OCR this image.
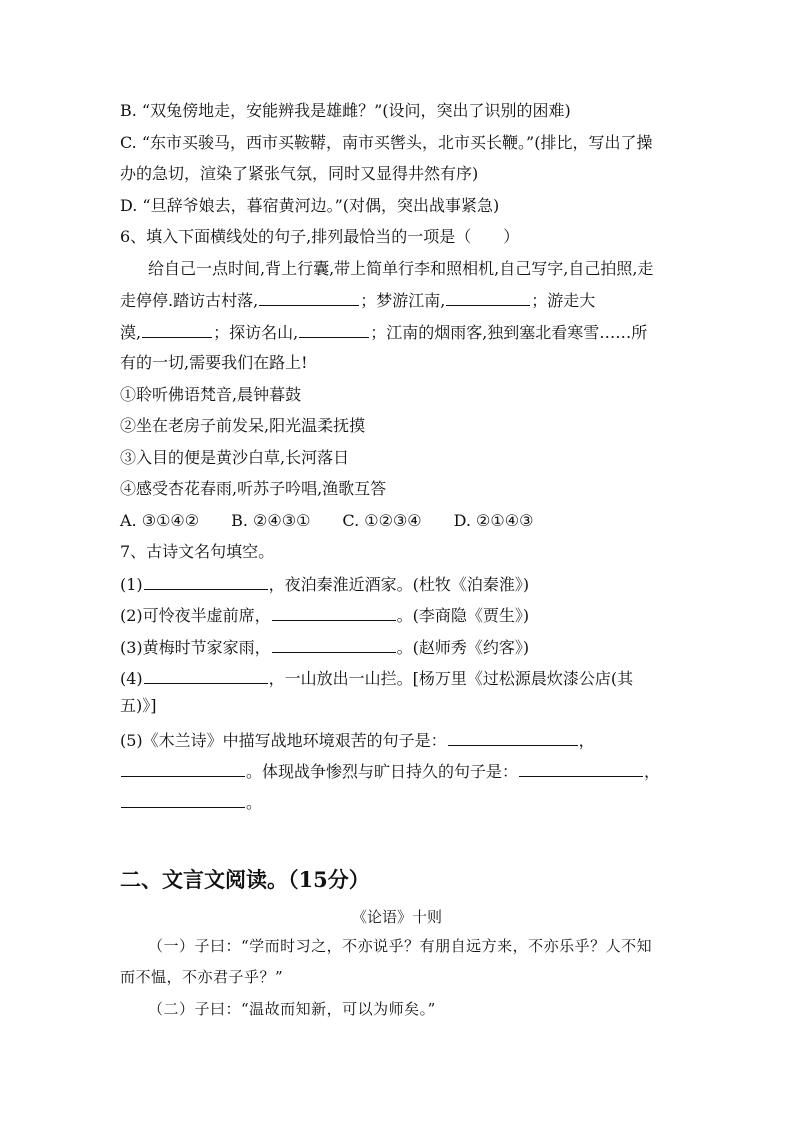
B. “双兔傍地走，安能辨我是雄雌？”(设问，突出了识别的困难)
C. “东市买骏马，西市买鞍鞯，南市买辔头，北市买长鞭。”(排比，写出了操
办的急切，渲染了紧张气氛，同时又显得井然有序)
D. “旦辞爷娘去，暮宿黄河边。”(对偶，突出战事紧急)
6、填入下面横线处的句子,排列最恰当的一项是（　　）
给自己一点时间,背上行囊,带上简单行李和照相机,自己写字,自己拍照,走
走停停.踏访古村落,	；梦游江南,	；游走大
漠,	；探访名山,	；江南的烟雨客,独到塞北看寒雪……所
有的一切,需要我们在路上!
①聆听佛语梵音,晨钟暮鼓
②坐在老房子前发呆,阳光温柔抚摸
③入目的便是黄沙白草,长河落日
④感受杏花春雨,听苏子吟唱,渔歌互答
A. ③①④②　　B. ②④③①　　C. ①②③④　　D. ②①④③
7、古诗文名句填空。
(1)	，夜泊秦淮近酒家。(杜牧《泊秦淮》)
(2)可怜夜半虚前席，	。(李商隐《贾生》)
(3)黄梅时节家家雨，	。(赵师秀《约客》)
(4)	，一山放出一山拦。[杨万里《过松源晨炊漆公店(其
五)》]
(5)《木兰诗》中描写战地环境艰苦的句子是：	，
。体现战争惨烈与旷日持久的句子是：	，
。
二、文言文阅读。（15分）
《论语》十则
（一）子曰：“学而时习之，不亦说乎？有朋自远方来，不亦乐乎？人不知
而不愠，不亦君子乎？”
（二）子曰：“温故而知新，可以为师矣。”
